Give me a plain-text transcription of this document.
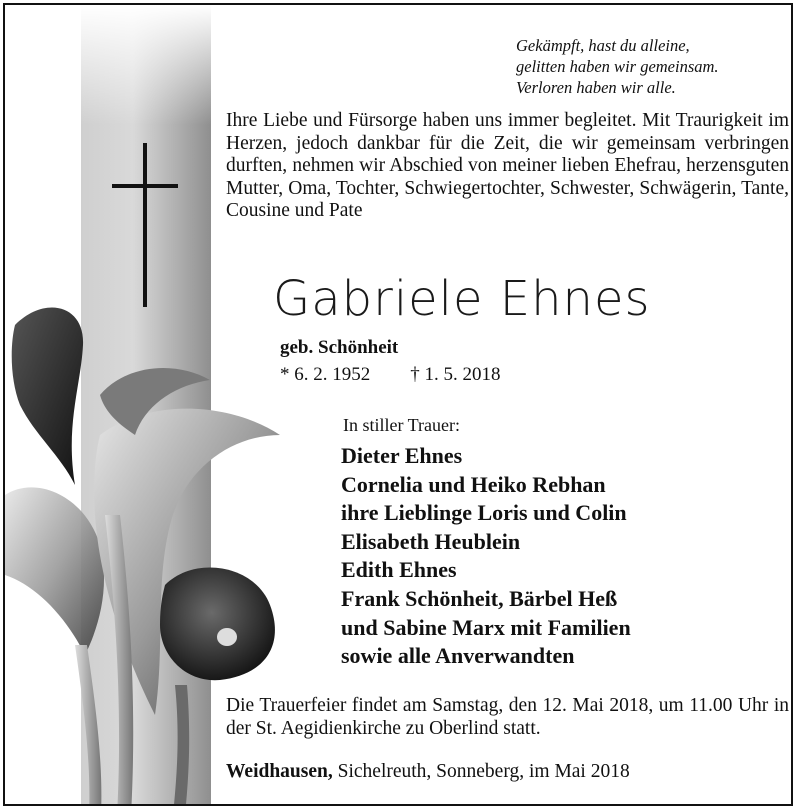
Gekämpft, hast du alleine,
gelitten haben wir gemeinsam.
Verloren haben wir alle.
Ihre Liebe und Fürsorge haben uns immer begleitet. Mit Traurigkeit im Herzen, jedoch dankbar für die Zeit, die wir gemeinsam verbringen durften, nehmen wir Abschied von meiner lieben Ehefrau, herzensguten Mutter, Oma, Tochter, Schwiegertochter, Schwester, Schwägerin, Tante, Cousine und Pate
Gabriele Ehnes
geb. Schönheit
* 6. 2. 1952 † 1. 5. 2018
In stiller Trauer:
Dieter Ehnes
Cornelia und Heiko Rebhan
ihre Lieblinge Loris und Colin
Elisabeth Heublein
Edith Ehnes
Frank Schönheit, Bärbel Heß
und Sabine Marx mit Familien
sowie alle Anverwandten
Die Trauerfeier findet am Samstag, den 12. Mai 2018, um 11.00 Uhr in der St. Aegidienkirche zu Oberlind statt.
Weidhausen, Sichelreuth, Sonneberg, im Mai 2018
